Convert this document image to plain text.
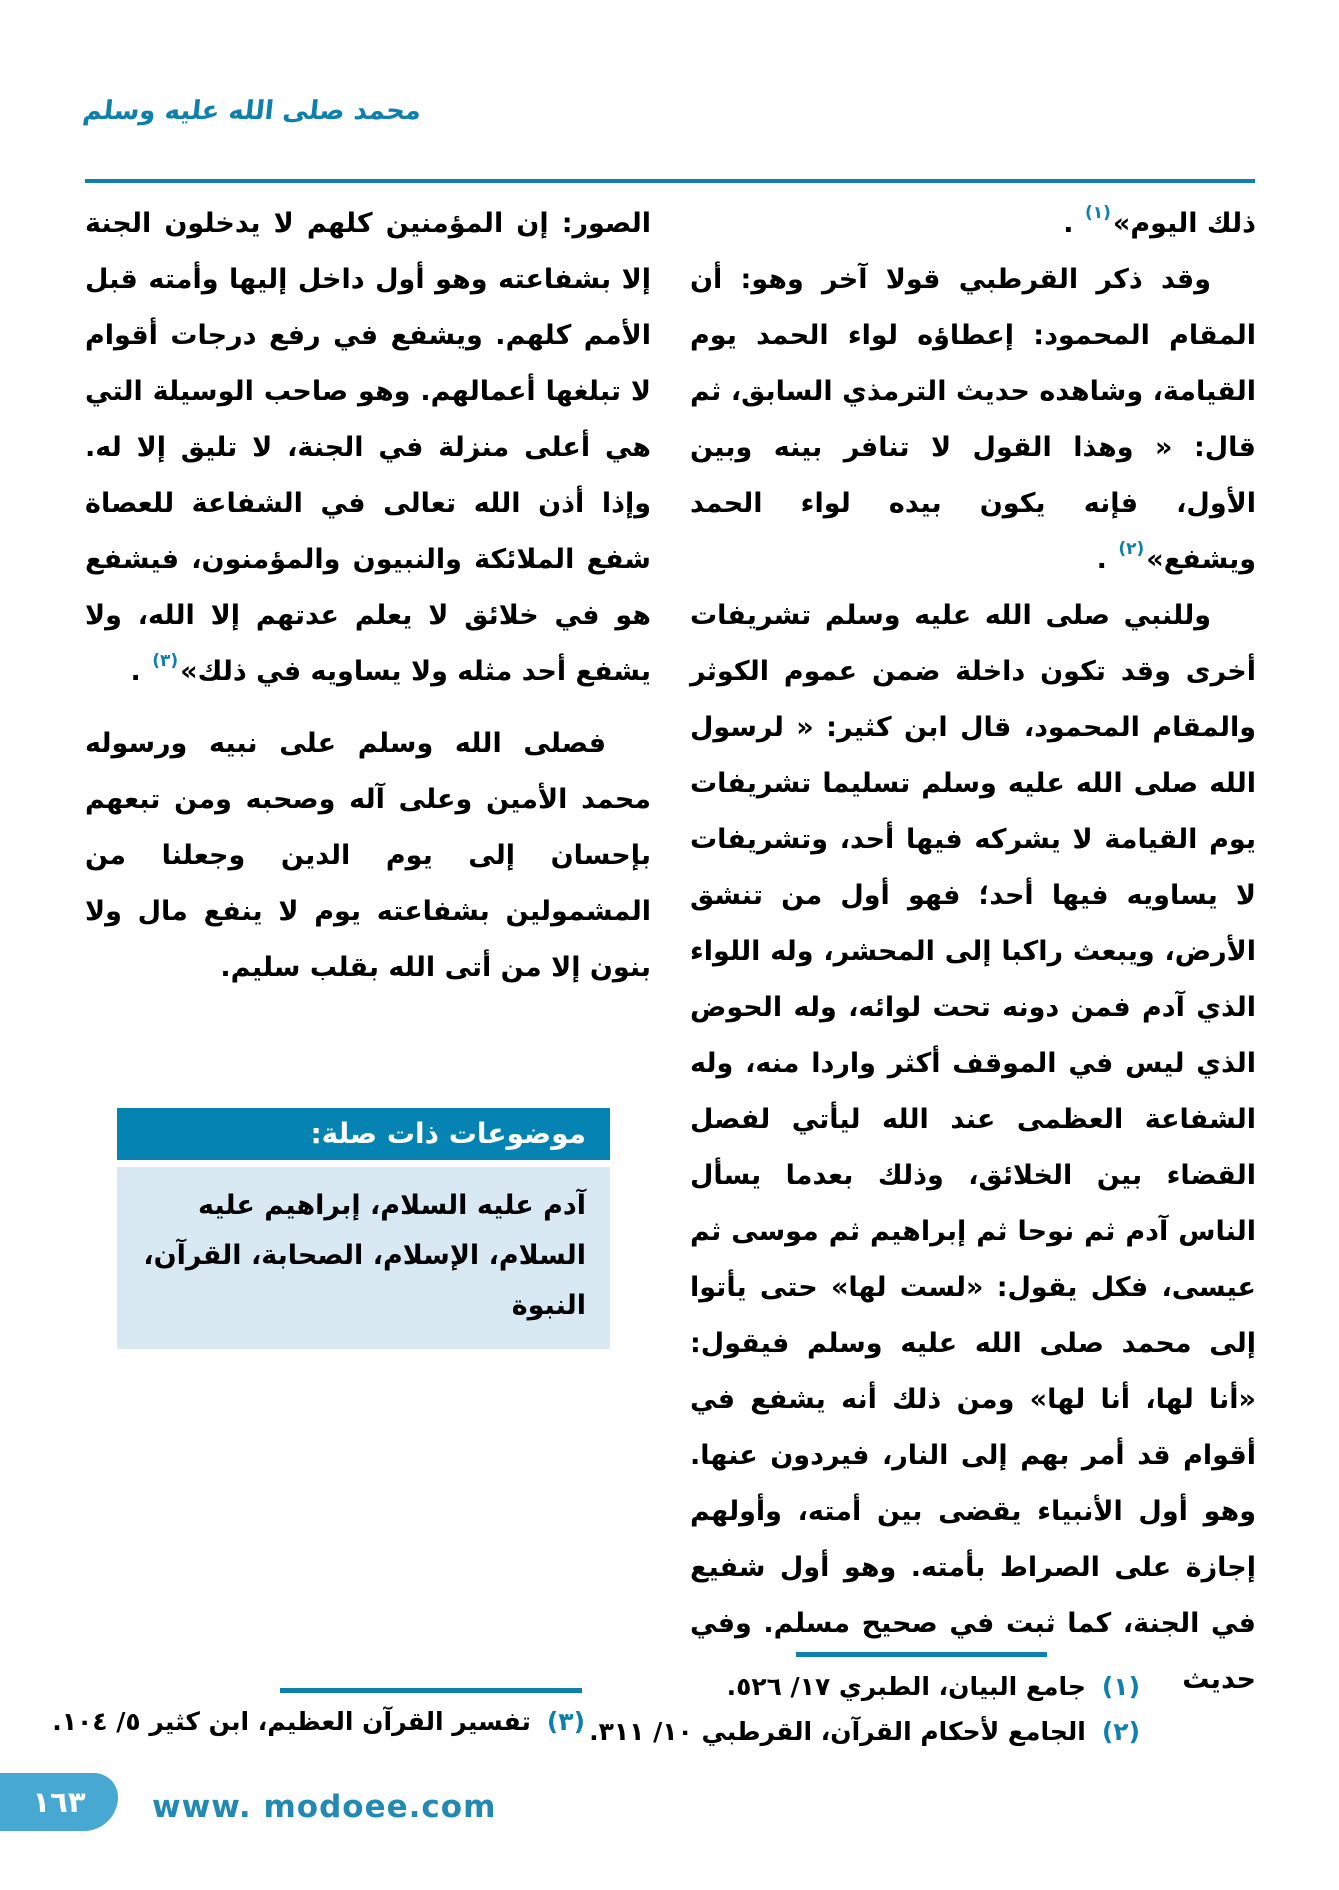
محمد صلى الله عليه وسلم

ذلك اليوم»$^{(١)}$ .

وقد ذكر القرطبي قولا آخر وهو: أن المقام المحمود: إعطاؤه لواء الحمد يوم القيامة، وشاهده حديث الترمذي السابق، ثم قال: « وهذا القول لا تنافر بينه وبين الأول، فإنه يكون بيده لواء الحمد ويشفع»$^{(٢)}$ .

وللنبي صلى الله عليه وسلم تشريفات أخرى وقد تكون داخلة ضمن عموم الكوثر والمقام المحمود، قال ابن كثير: « لرسول الله صلى الله عليه وسلم تسليما تشريفات يوم القيامة لا يشركه فيها أحد، وتشريفات لا يساويه فيها أحد؛ فهو أول من تنشق الأرض، ويبعث راكبا إلى المحشر، وله اللواء الذي آدم فمن دونه تحت لوائه، وله الحوض الذي ليس في الموقف أكثر واردا منه، وله الشفاعة العظمى عند الله ليأتي لفصل القضاء بين الخلائق، وذلك بعدما يسأل الناس آدم ثم نوحا ثم إبراهيم ثم موسى ثم عيسى، فكل يقول: «لست لها» حتى يأتوا إلى محمد صلى الله عليه وسلم فيقول: «أنا لها، أنا لها» ومن ذلك أنه يشفع في أقوام قد أمر بهم إلى النار، فيردون عنها. وهو أول الأنبياء يقضى بين أمته، وأولهم إجازة على الصراط بأمته. وهو أول شفيع في الجنة، كما ثبت في صحيح مسلم. وفي حديث

الصور: إن المؤمنين كلهم لا يدخلون الجنة إلا بشفاعته وهو أول داخل إليها وأمته قبل الأمم كلهم. ويشفع في رفع درجات أقوام لا تبلغها أعمالهم. وهو صاحب الوسيلة التي هي أعلى منزلة في الجنة، لا تليق إلا له. وإذا أذن الله تعالى في الشفاعة للعصاة شفع الملائكة والنبيون والمؤمنون، فيشفع هو في خلائق لا يعلم عدتهم إلا الله، ولا يشفع أحد مثله ولا يساويه في ذلك»$^{(٣)}$ .

فصلى الله وسلم على نبيه ورسوله محمد الأمين وعلى آله وصحبه ومن تبعهم بإحسان إلى يوم الدين وجعلنا من المشمولين بشفاعته يوم لا ينفع مال ولا بنون إلا من أتى الله بقلب سليم.

موضوعات ذات صلة:
آدم عليه السلام، إبراهيم عليه السلام، الإسلام، الصحابة، القرآن، النبوة
(١)جامع البيان، الطبري ١٧/ ٥٢٦.
(٢)الجامع لأحكام القرآن، القرطبي ١٠/ ٣١١.
(٣)تفسير القرآن العظيم، ابن كثير ٥/ ١٠٤.
١٦٣	www. modoee.com
